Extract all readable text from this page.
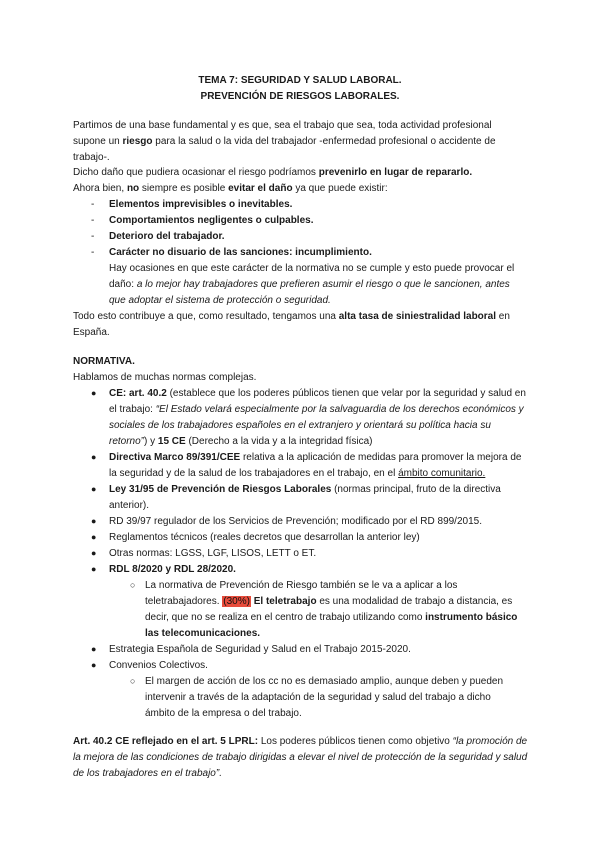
TEMA 7: SEGURIDAD Y SALUD LABORAL.
PREVENCIÓN DE RIESGOS LABORALES.
Partimos de una base fundamental y es que, sea el trabajo que sea, toda actividad profesional
supone un riesgo para la salud o la vida del trabajador -enfermedad profesional o accidente de
trabajo-.
Dicho daño que pudiera ocasionar el riesgo podríamos prevenirlo en lugar de repararlo.
Ahora bien, no siempre es posible evitar el daño ya que puede existir:
- Elementos imprevisibles o inevitables.
- Comportamientos negligentes o culpables.
- Deterioro del trabajador.
- Carácter no disuario de las sanciones: incumplimiento.
Hay ocasiones en que este carácter de la normativa no se cumple y esto puede provocar el
daño: a lo mejor hay trabajadores que prefieren asumir el riesgo o que le sancionen, antes
que adoptar el sistema de protección o seguridad.
Todo esto contribuye a que, como resultado, tengamos una alta tasa de siniestralidad laboral en
España.
NORMATIVA.
Hablamos de muchas normas complejas.
● CE: art. 40.2 (establece que los poderes públicos tienen que velar por la seguridad y salud en
el trabajo: “El Estado velará especialmente por la salvaguardia de los derechos económicos y
sociales de los trabajadores españoles en el extranjero y orientará su política hacia su
retorno”) y 15 CE (Derecho a la vida y a la integridad física)
● Directiva Marco 89/391/CEE relativa a la aplicación de medidas para promover la mejora de
la seguridad y de la salud de los trabajadores en el trabajo, en el ámbito comunitario.
● Ley 31/95 de Prevención de Riesgos Laborales (normas principal, fruto de la directiva
anterior).
● RD 39/97 regulador de los Servicios de Prevención; modificado por el RD 899/2015.
● Reglamentos técnicos (reales decretos que desarrollan la anterior ley)
● Otras normas: LGSS, LGF, LISOS, LETT o ET.
● RDL 8/2020 y RDL 28/2020.
○ La normativa de Prevención de Riesgo también se le va a aplicar a los
teletrabajadores. (30%) El teletrabajo es una modalidad de trabajo a distancia, es
decir, que no se realiza en el centro de trabajo utilizando como instrumento básico
las telecomunicaciones.
● Estrategia Española de Seguridad y Salud en el Trabajo 2015-2020.
● Convenios Colectivos.
○ El margen de acción de los cc no es demasiado amplio, aunque deben y pueden
intervenir a través de la adaptación de la seguridad y salud del trabajo a dicho
ámbito de la empresa o del trabajo.
Art. 40.2 CE reflejado en el art. 5 LPRL: Los poderes públicos tienen como objetivo “la promoción de
la mejora de las condiciones de trabajo dirigidas a elevar el nivel de protección de la seguridad y salud
de los trabajadores en el trabajo”.
